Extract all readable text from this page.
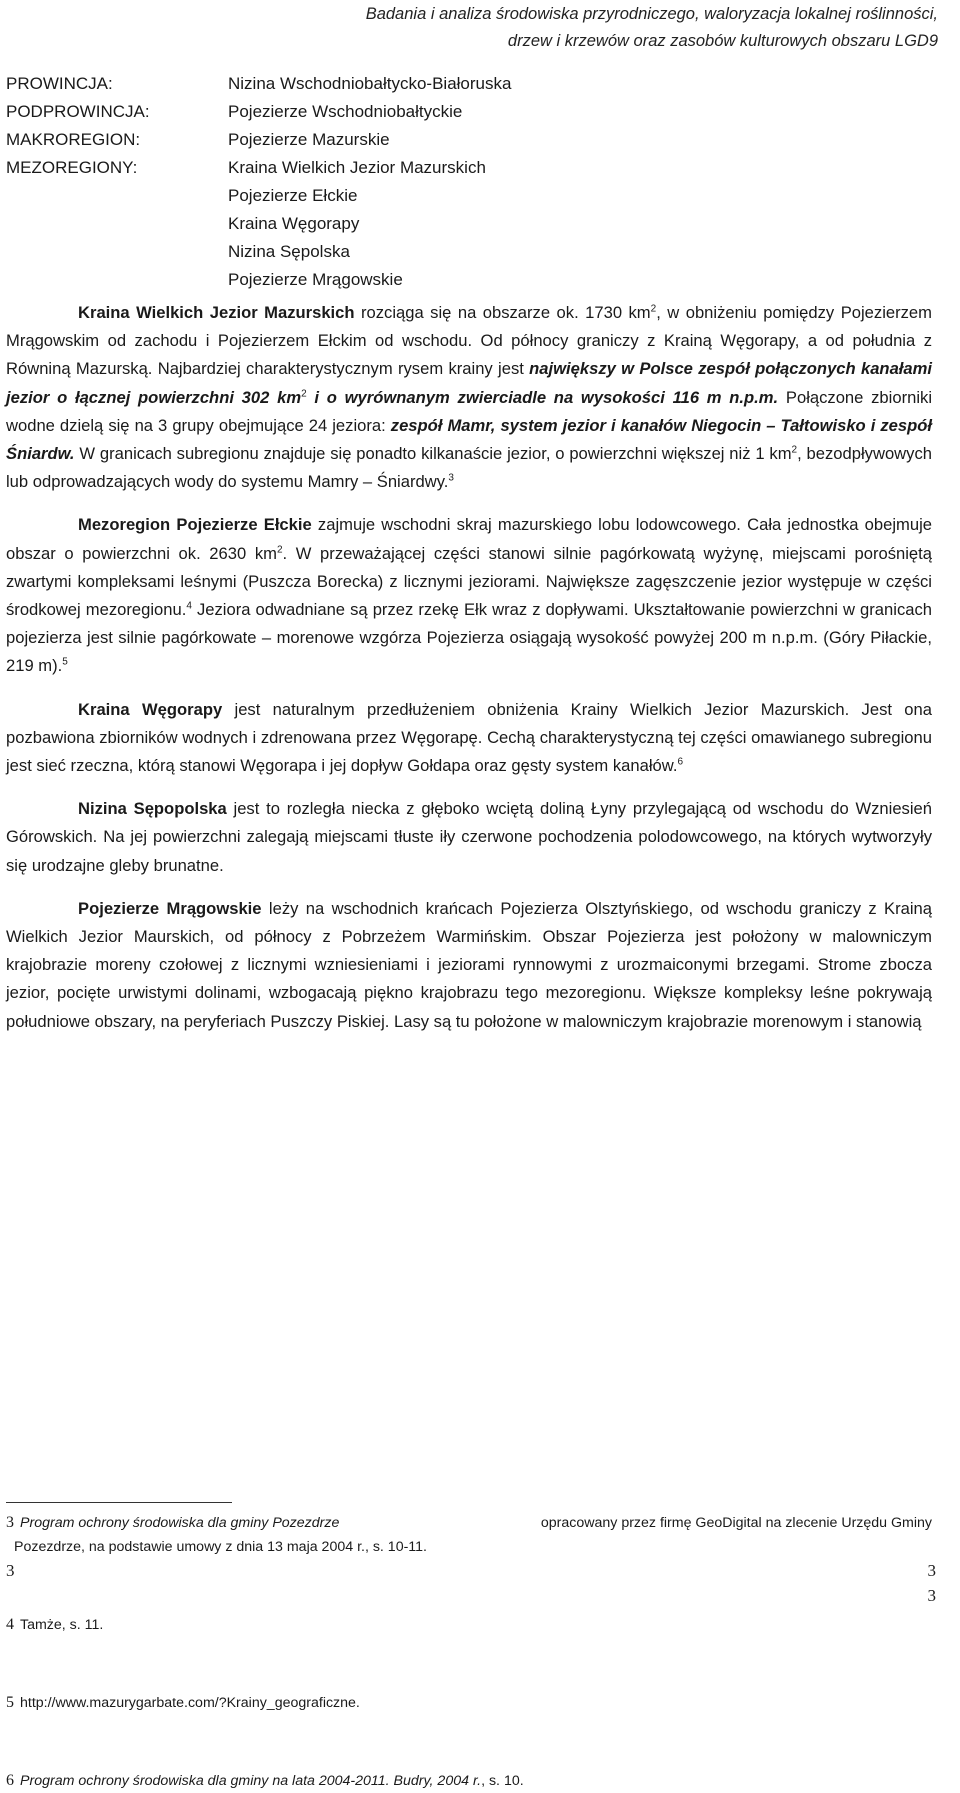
Badania i analiza środowiska przyrodniczego, waloryzacja lokalnej roślinności,
drzew i krzewów oraz zasobów kulturowych obszaru LGD9
PROWINCJA:	Nizina Wschodniobałtycko-Białoruska
PODPROWINCJA:	Pojezierze Wschodniobałtyckie
MAKROREGION:	Pojezierze Mazurskie
MEZOREGIONY:	Kraina Wielkich Jezior Mazurskich
Pojezierze Ełckie
Kraina Węgorapy
Nizina Sępolska
Pojezierze Mrągowskie

Kraina Wielkich Jezior Mazurskich rozciąga się na obszarze ok. 1730 $km^2$, w obniżeniu pomiędzy Pojezierzem Mrągowskim od zachodu i Pojezierzem Ełckim od wschodu. Od północy graniczy z Krainą Węgorapy, a od południa z Równiną Mazurską. Najbardziej charakterystycznym rysem krainy jest największy w Polsce zespół połączonych kanałami jezior o łącznej powierzchni 302 $km^2$ i o wyrównanym zwierciadle na wysokości 116 m n.p.m. Połączone zbiorniki wodne dzielą się na 3 grupy obejmujące 24 jeziora: zespół Mamr, system jezior i kanałów Niegocin – Tałtowisko i zespół Śniardw. W granicach subregionu znajduje się ponadto kilkanaście jezior, o powierzchni większej niż 1 $km^2$, bezodpływowych lub odprowadzających wody do systemu Mamry – Śniardwy.$^3$

Mezoregion Pojezierze Ełckie zajmuje wschodni skraj mazurskiego lobu lodowcowego. Cała jednostka obejmuje obszar o powierzchni ok. 2630 $km^2$. W przeważającej części stanowi silnie pagórkowatą wyżynę, miejscami porośniętą zwartymi kompleksami leśnymi (Puszcza Borecka) z licznymi jeziorami. Największe zagęszczenie jezior występuje w części środkowej mezoregionu.$^4$ Jeziora odwadniane są przez rzekę Ełk wraz z dopływami. Ukształtowanie powierzchni w granicach pojezierza jest silnie pagórkowate – morenowe wzgórza Pojezierza osiągają wysokość powyżej 200 m n.p.m. (Góry Piłackie, 219 m).$^5$

Kraina Węgorapy jest naturalnym przedłużeniem obniżenia Krainy Wielkich Jezior Mazurskich. Jest ona pozbawiona zbiorników wodnych i zdrenowana przez Węgorapę. Cechą charakterystyczną tej części omawianego subregionu jest sieć rzeczna, którą stanowi Węgorapa i jej dopływ Gołdapa oraz gęsty system kanałów.$^6$

Nizina Sępopolska jest to rozległa niecka z głęboko wciętą doliną Łyny przylegającą od wschodu do Wzniesień Górowskich. Na jej powierzchni zalegają miejscami tłuste iły czerwone pochodzenia polodowcowego, na których wytworzyły się urodzajne gleby brunatne.

Pojezierze Mrągowskie leży na wschodnich krańcach Pojezierza Olsztyńskiego, od wschodu graniczy z Krainą Wielkich Jezior Maurskich, od północy z Pobrzeżem Warmińskim. Obszar Pojezierza jest położony w malowniczym krajobrazie moreny czołowej z licznymi wzniesieniami i jeziorami rynnowymi z urozmaiconymi brzegami. Strome zbocza jezior, pocięte urwistymi dolinami, wzbogacają piękno krajobrazu tego mezoregionu. Większe kompleksy leśne pokrywają południowe obszary, na peryferiach Puszczy Piskiej. Lasy są tu położone w malowniczym krajobrazie morenowym i stanowią

3 Program ochrony środowiska dla gminy Pozezdrze	opracowany przez firmę GeoDigital na zlecenie Urzędu Gminy
Pozezdrze, na podstawie umowy z dnia 13 maja 2004 r., s. 10-11.
4 Tamże, s. 11.
5 http://www.mazurygarbate.com/?Krainy_geograficzne.
6 Program ochrony środowiska dla gminy na lata 2004-2011. Budry, 2004 r., s. 10.
3	3
3
